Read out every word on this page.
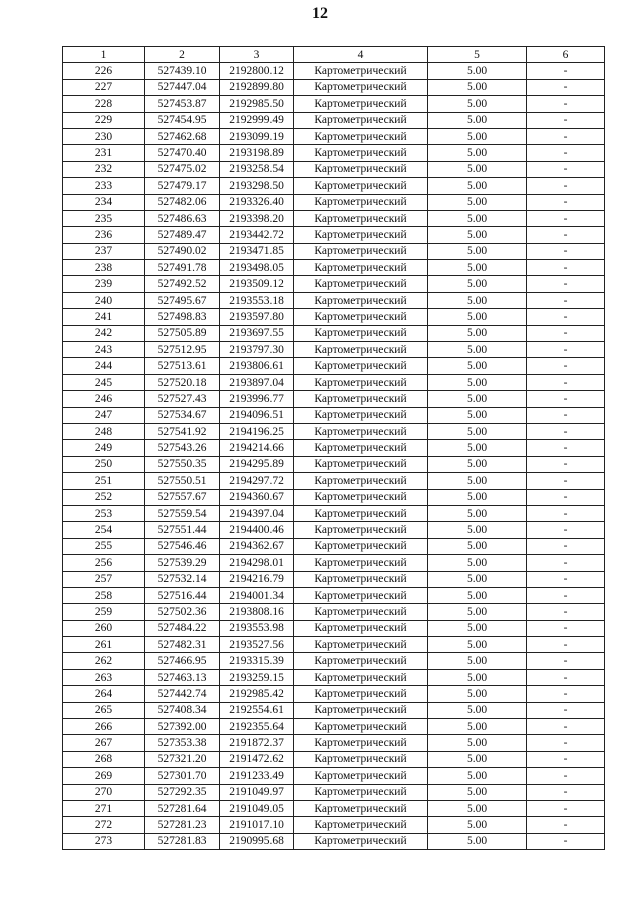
12
1	2	3	4	5	6
226	527439.10	2192800.12	Картометрический	5.00	-
227	527447.04	2192899.80	Картометрический	5.00	-
228	527453.87	2192985.50	Картометрический	5.00	-
229	527454.95	2192999.49	Картометрический	5.00	-
230	527462.68	2193099.19	Картометрический	5.00	-
231	527470.40	2193198.89	Картометрический	5.00	-
232	527475.02	2193258.54	Картометрический	5.00	-
233	527479.17	2193298.50	Картометрический	5.00	-
234	527482.06	2193326.40	Картометрический	5.00	-
235	527486.63	2193398.20	Картометрический	5.00	-
236	527489.47	2193442.72	Картометрический	5.00	-
237	527490.02	2193471.85	Картометрический	5.00	-
238	527491.78	2193498.05	Картометрический	5.00	-
239	527492.52	2193509.12	Картометрический	5.00	-
240	527495.67	2193553.18	Картометрический	5.00	-
241	527498.83	2193597.80	Картометрический	5.00	-
242	527505.89	2193697.55	Картометрический	5.00	-
243	527512.95	2193797.30	Картометрический	5.00	-
244	527513.61	2193806.61	Картометрический	5.00	-
245	527520.18	2193897.04	Картометрический	5.00	-
246	527527.43	2193996.77	Картометрический	5.00	-
247	527534.67	2194096.51	Картометрический	5.00	-
248	527541.92	2194196.25	Картометрический	5.00	-
249	527543.26	2194214.66	Картометрический	5.00	-
250	527550.35	2194295.89	Картометрический	5.00	-
251	527550.51	2194297.72	Картометрический	5.00	-
252	527557.67	2194360.67	Картометрический	5.00	-
253	527559.54	2194397.04	Картометрический	5.00	-
254	527551.44	2194400.46	Картометрический	5.00	-
255	527546.46	2194362.67	Картометрический	5.00	-
256	527539.29	2194298.01	Картометрический	5.00	-
257	527532.14	2194216.79	Картометрический	5.00	-
258	527516.44	2194001.34	Картометрический	5.00	-
259	527502.36	2193808.16	Картометрический	5.00	-
260	527484.22	2193553.98	Картометрический	5.00	-
261	527482.31	2193527.56	Картометрический	5.00	-
262	527466.95	2193315.39	Картометрический	5.00	-
263	527463.13	2193259.15	Картометрический	5.00	-
264	527442.74	2192985.42	Картометрический	5.00	-
265	527408.34	2192554.61	Картометрический	5.00	-
266	527392.00	2192355.64	Картометрический	5.00	-
267	527353.38	2191872.37	Картометрический	5.00	-
268	527321.20	2191472.62	Картометрический	5.00	-
269	527301.70	2191233.49	Картометрический	5.00	-
270	527292.35	2191049.97	Картометрический	5.00	-
271	527281.64	2191049.05	Картометрический	5.00	-
272	527281.23	2191017.10	Картометрический	5.00	-
273	527281.83	2190995.68	Картометрический	5.00	-
